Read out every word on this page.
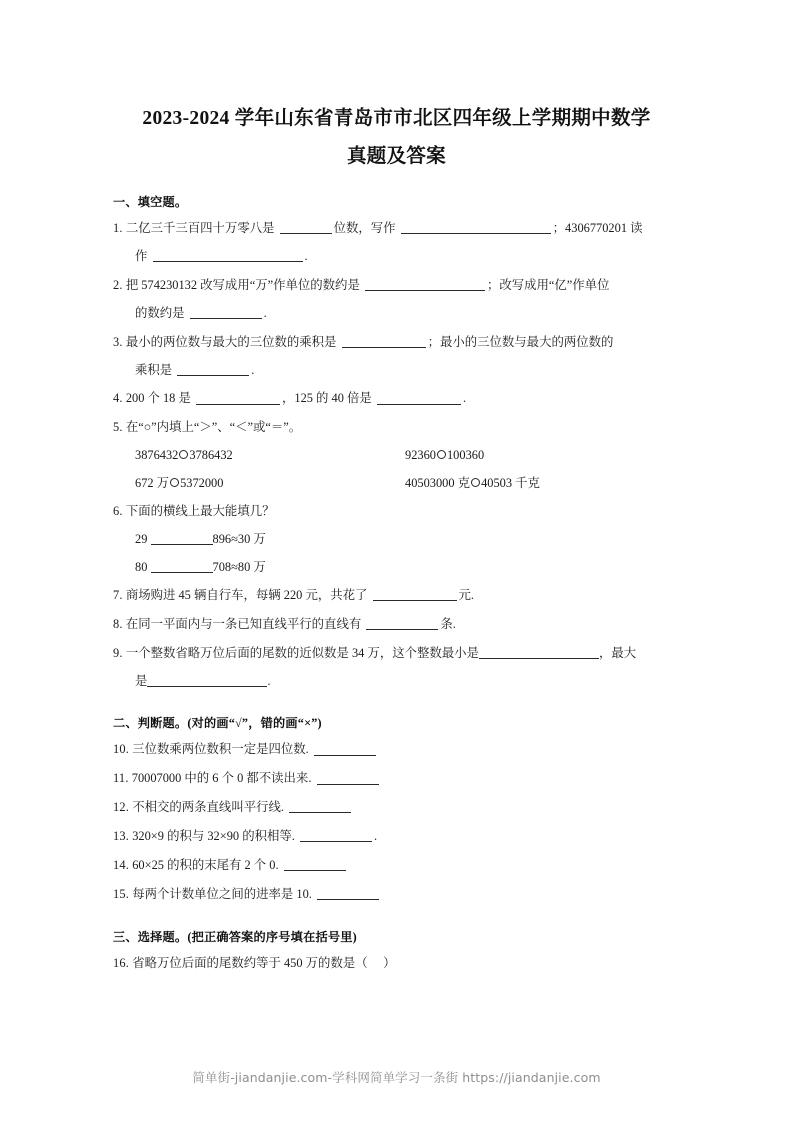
2023-2024 学年山东省青岛市市北区四年级上学期期中数学
真题及答案
一、填空题。

1. 二亿三千三百四十万零八是	位数，写作	；4306770201 读
作	.

2. 把 574230132 改写成用“万”作单位的数约是	；改写成用“亿”作单位
的数约是	.

3. 最小的两位数与最大的三位数的乘积是	；最小的三位数与最大的两位数的
乘积是	.

4. 200 个 18 是	，125 的 40 倍是	.

5. 在“○”内填上“＞”、“＜”或“＝”。

3876432 3786432	92360 100360
672 万 5372000	40503000 克 40503 千克

6. 下面的横线上最大能填几？

29	896≈30 万
80	708≈80 万

7. 商场购进 45 辆自行车，每辆 220 元，共花了	元.

8. 在同一平面内与一条已知直线平行的直线有	条.

9. 一个整数省略万位后面的尾数的近似数是 34 万，这个整数最小是	，最大
是	.

二、判断题。(对的画“√”，错的画“×”)

10. 三位数乘两位数积一定是四位数.

11. 70007000 中的 6 个 0 都不读出来.

12. 不相交的两条直线叫平行线.

13. 320×9 的积与 32×90 的积相等.	.

14. 60×25 的积的末尾有 2 个 0.

15. 每两个计数单位之间的进率是 10.

三、选择题。(把正确答案的序号填在括号里)

16. 省略万位后面的尾数约等于 450 万的数是（ ）

简单街-jiandanjie.com-学科网简单学习一条街 https://jiandanjie.com
